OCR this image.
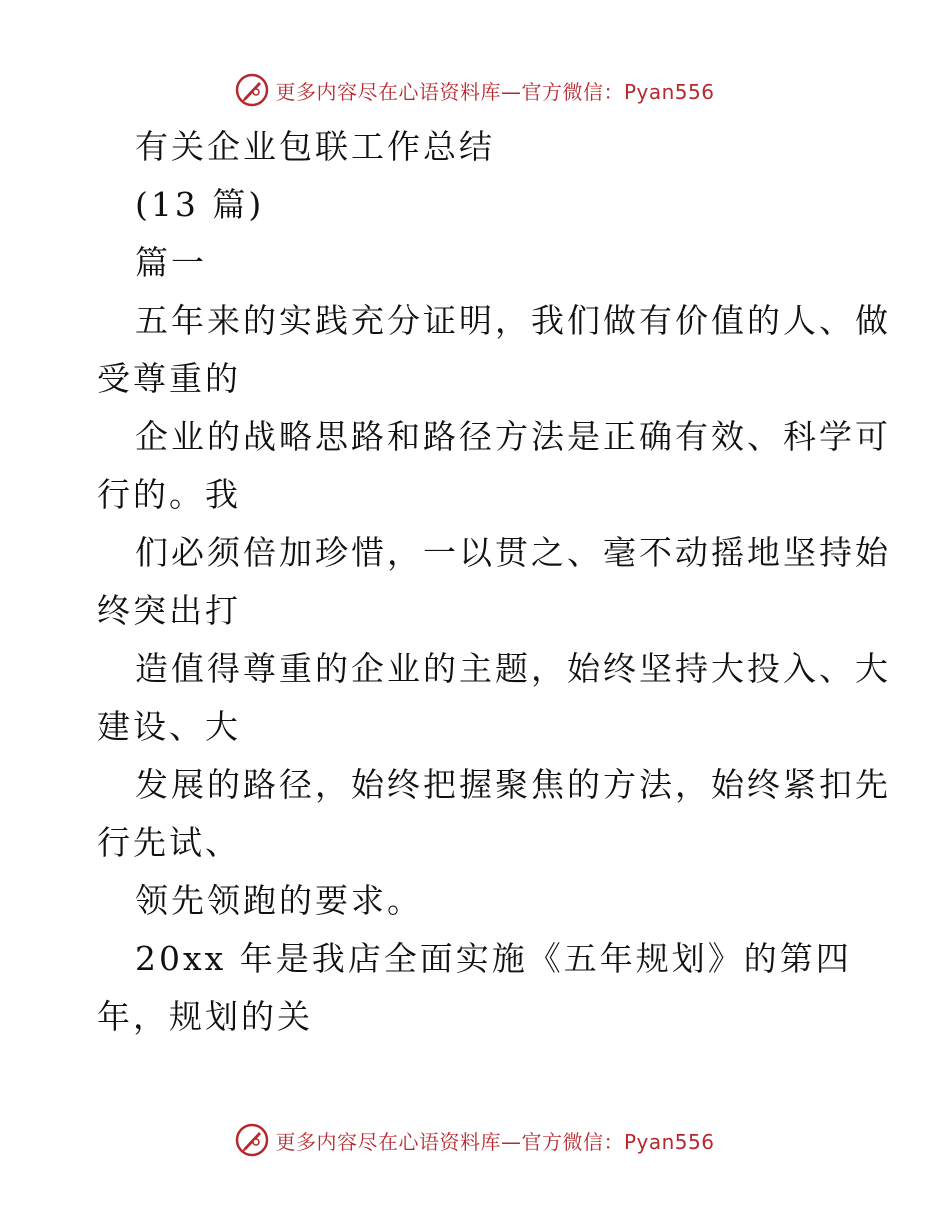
更多内容尽在心语资料库—官方微信：Pyan556
有关企业包联工作总结
(13 篇)
篇一
五年来的实践充分证明，我们做有价值的人、做
受尊重的
企业的战略思路和路径方法是正确有效、科学可
行的。我
们必须倍加珍惜，一以贯之、毫不动摇地坚持始
终突出打
造值得尊重的企业的主题，始终坚持大投入、大
建设、大
发展的路径，始终把握聚焦的方法，始终紧扣先
行先试、
领先领跑的要求。
20xx 年是我店全面实施《五年规划》的第四
年，规划的关
更多内容尽在心语资料库—官方微信：Pyan556
